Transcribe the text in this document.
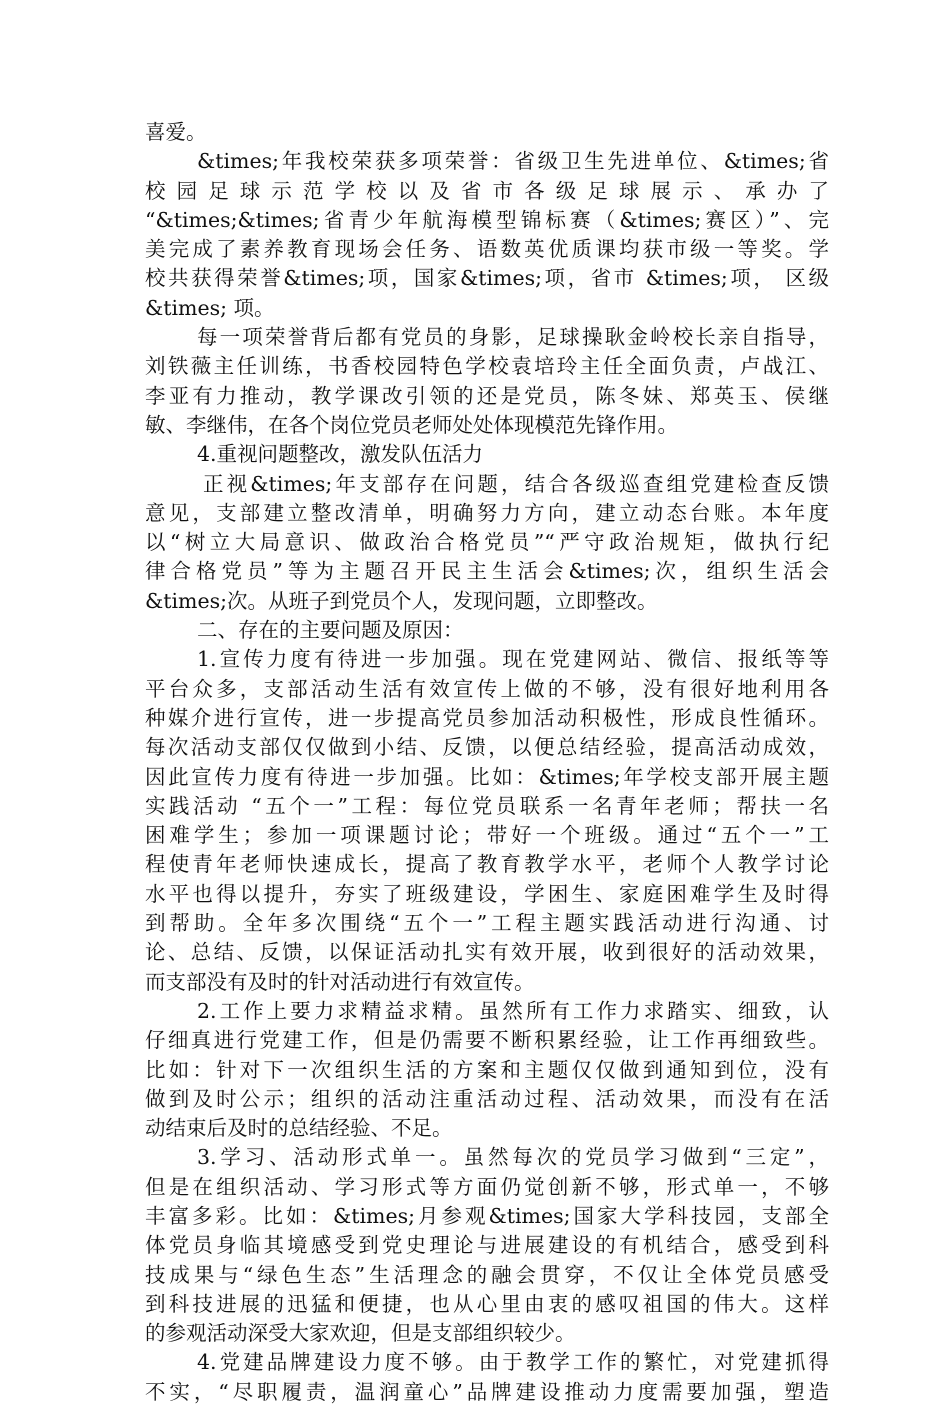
喜爱。
&times;年我校荣获多项荣誉：省级卫生先进单位、&times;省
校园足球示范学校以及省市各级足球展示、承办了
“&times;&times;省青少年航海模型锦标赛（&times;赛区）”、完
美完成了素养教育现场会任务、语数英优质课均获市级一等奖。学
校共获得荣誉&times;项，国家&times;项，省市 &times;项， 区级
&times; 项。
每一项荣誉背后都有党员的身影，足球操耿金岭校长亲自指导，
刘铁薇主任训练，书香校园特色学校袁培玲主任全面负责，卢战江、
李亚有力推动，教学课改引领的还是党员，陈冬妹、郑英玉、侯继
敏、李继伟，在各个岗位党员老师处处体现模范先锋作用。
4.重视问题整改，激发队伍活力
正视&times;年支部存在问题，结合各级巡查组党建检查反馈
意见，支部建立整改清单，明确努力方向，建立动态台账。本年度
以“树立大局意识、做政治合格党员”“严守政治规矩，做执行纪
律合格党员”等为主题召开民主生活会&times;次，组织生活会
&times;次。从班子到党员个人，发现问题，立即整改。
二、存在的主要问题及原因：
1.宣传力度有待进一步加强。现在党建网站、微信、报纸等等
平台众多，支部活动生活有效宣传上做的不够，没有很好地利用各
种媒介进行宣传，进一步提高党员参加活动积极性，形成良性循环。
每次活动支部仅仅做到小结、反馈，以便总结经验，提高活动成效，
因此宣传力度有待进一步加强。比如：&times;年学校支部开展主题
实践活动 “五个一”工程：每位党员联系一名青年老师；帮扶一名
困难学生；参加一项课题讨论；带好一个班级。通过“五个一”工
程使青年老师快速成长，提高了教育教学水平，老师个人教学讨论
水平也得以提升，夯实了班级建设，学困生、家庭困难学生及时得
到帮助。全年多次围绕“五个一”工程主题实践活动进行沟通、讨
论、总结、反馈，以保证活动扎实有效开展，收到很好的活动效果，
而支部没有及时的针对活动进行有效宣传。
2.工作上要力求精益求精。虽然所有工作力求踏实、细致，认
仔细真进行党建工作，但是仍需要不断积累经验，让工作再细致些。
比如：针对下一次组织生活的方案和主题仅仅做到通知到位，没有
做到及时公示；组织的活动注重活动过程、活动效果，而没有在活
动结束后及时的总结经验、不足。
3.学习、活动形式单一。虽然每次的党员学习做到“三定”，
但是在组织活动、学习形式等方面仍觉创新不够，形式单一，不够
丰富多彩。比如：&times;月参观&times;国家大学科技园，支部全
体党员身临其境感受到党史理论与进展建设的有机结合，感受到科
技成果与“绿色生态”生活理念的融会贯穿，不仅让全体党员感受
到科技进展的迅猛和便捷，也从心里由衷的感叹祖国的伟大。这样
的参观活动深受大家欢迎，但是支部组织较少。
4.党建品牌建设力度不够。由于教学工作的繁忙，对党建抓得
不实，“尽职履责，温润童心”品牌建设推动力度需要加强，塑造
